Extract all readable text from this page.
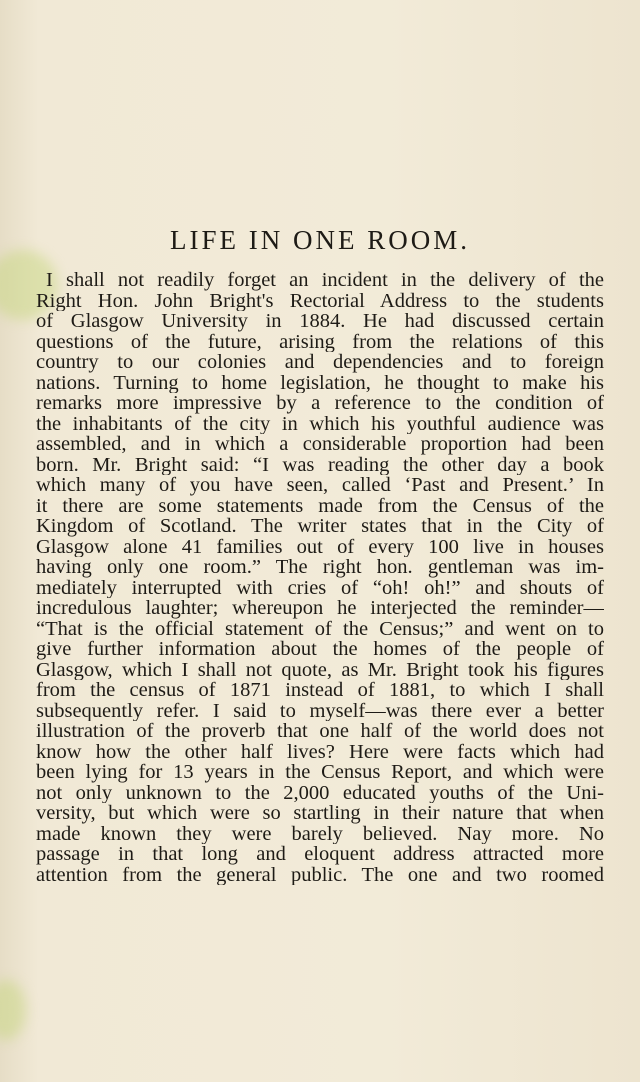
LIFE IN ONE ROOM.
I shall not readily forget an incident in the delivery of the
Right Hon. John Bright's Rectorial Address to the students
of Glasgow University in 1884. He had discussed certain
questions of the future, arising from the relations of this
country to our colonies and dependencies and to foreign
nations. Turning to home legislation, he thought to make his
remarks more impressive by a reference to the condition of
the inhabitants of the city in which his youthful audience was
assembled, and in which a considerable proportion had been
born. Mr. Bright said: “I was reading the other day a book
which many of you have seen, called ‘Past and Present.’ In
it there are some statements made from the Census of the
Kingdom of Scotland. The writer states that in the City of
Glasgow alone 41 families out of every 100 live in houses
having only one room.” The right hon. gentleman was im-
mediately interrupted with cries of “oh! oh!” and shouts of
incredulous laughter; whereupon he interjected the reminder—
“That is the official statement of the Census;” and went on to
give further information about the homes of the people of
Glasgow, which I shall not quote, as Mr. Bright took his figures
from the census of 1871 instead of 1881, to which I shall
subsequently refer. I said to myself—was there ever a better
illustration of the proverb that one half of the world does not
know how the other half lives? Here were facts which had
been lying for 13 years in the Census Report, and which were
not only unknown to the 2,000 educated youths of the Uni-
versity, but which were so startling in their nature that when
made known they were barely believed. Nay more. No
passage in that long and eloquent address attracted more
attention from the general public. The one and two roomed
